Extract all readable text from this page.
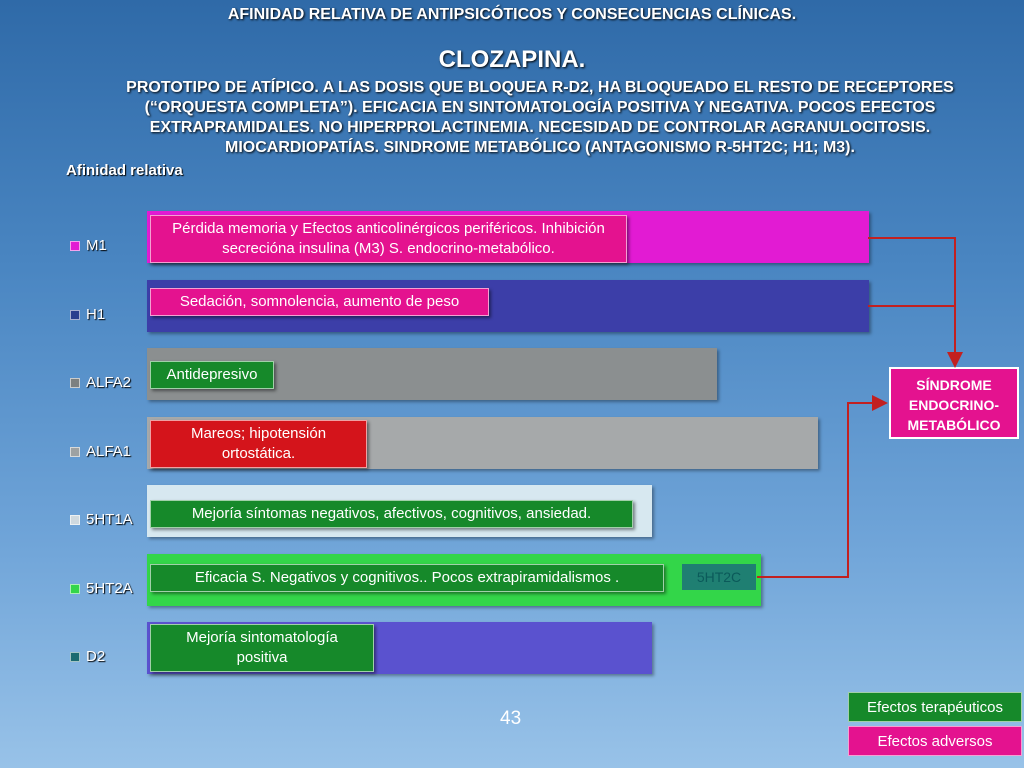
AFINIDAD RELATIVA DE ANTIPSICÓTICOS Y CONSECUENCIAS CLÍNICAS.
CLOZAPINA.
PROTOTIPO DE ATÍPICO. A LAS DOSIS QUE BLOQUEA R-D2, HA BLOQUEADO EL RESTO DE RECEPTORES (“ORQUESTA COMPLETA”). EFICACIA EN SINTOMATOLOGÍA POSITIVA Y NEGATIVA. POCOS EFECTOS EXTRAPRAMIDALES. NO HIPERPROLACTINEMIA. NECESIDAD DE CONTROLAR AGRANULOCITOSIS. MIOCARDIOPATÍAS. SINDROME METABÓLICO (ANTAGONISMO R-5HT2C; H1; M3).
Afinidad relativa
M1
H1
ALFA2
ALFA1
5HT1A
5HT2A
D2
Pérdida memoria y Efectos anticolinérgicos periféricos. Inhibición secrecióna insulina (M3) S. endocrino-metabólico.
Sedación, somnolencia, aumento de peso
Antidepresivo
Mareos; hipotensión ortostática.
Mejoría síntomas negativos, afectivos, cognitivos, ansiedad.
Eficacia S. Negativos y cognitivos.. Pocos extrapiramidalismos .	5HT2C
Mejoría sintomatología positiva
SÍNDROME ENDOCRINO-METABÓLICO
43
Efectos terapéuticos
Efectos adversos
